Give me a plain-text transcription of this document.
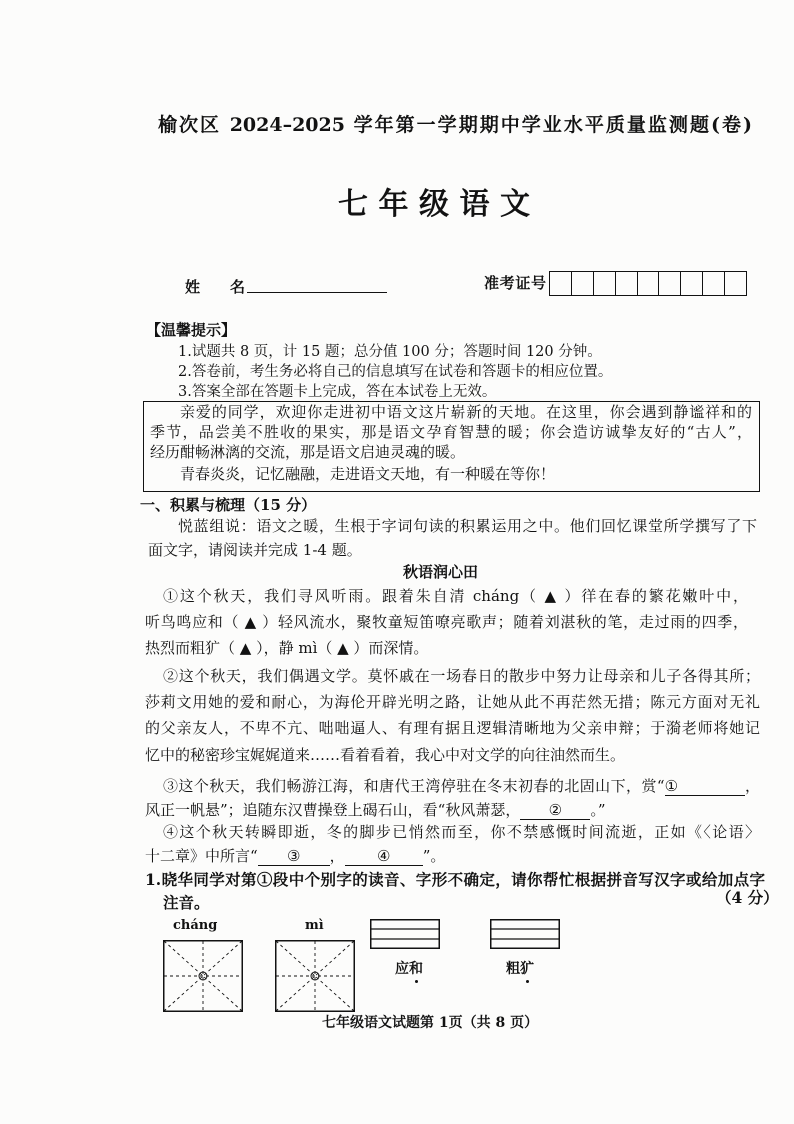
榆次区 2024–2025 学年第一学期期中学业水平质量监测题(卷)
七年级语文
姓　名	准考证号
【温馨提示】
1.试题共 8 页，计 15 题；总分值 100 分；答题时间 120 分钟。
2.答卷前，考生务必将自己的信息填写在试卷和答题卡的相应位置。
3.答案全部在答题卡上完成，答在本试卷上无效。
亲爱的同学，欢迎你走进初中语文这片崭新的天地。在这里，你会遇到静谧祥和的
季节，品尝美不胜收的果实，那是语文孕育智慧的暖；你会造访诚挚友好的“古人”，
经历酣畅淋漓的交流，那是语文启迪灵魂的暖。
青春炎炎，记忆融融，走进语文天地，有一种暖在等你！
一、积累与梳理（15 分）
悦蓝组说：语文之暖，生根于字词句读的积累运用之中。他们回忆课堂所学撰写了下
面文字，请阅读并完成 1-4 题。
秋语润心田
①这个秋天，我们寻风听雨。跟着朱自清 cháng（ ▲ ）徉在春的繁花嫩叶中，
听鸟鸣应和（ ▲ ）轻风流水，聚牧童短笛嘹亮歌声；随着刘湛秋的笔，走过雨的四季，
热烈而粗犷（ ▲ ），静 mì（ ▲ ）而深情。
②这个秋天，我们偶遇文学。莫怀戚在一场春日的散步中努力让母亲和儿子各得其所；
莎莉文用她的爱和耐心，为海伦开辟光明之路，让她从此不再茫然无措；陈元方面对无礼
的父亲友人，不卑不亢、咄咄逼人、有理有据且逻辑清晰地为父亲申辩；于漪老师将她记
忆中的秘密珍宝娓娓道来……看着看着，我心中对文学的向往油然而生。
③这个秋天，我们畅游江海，和唐代王湾停驻在冬末初春的北固山下，赏“①	，
风正一帆悬”；追随东汉曹操登上碣石山，看“秋风萧瑟， ② 。”
④这个秋天转瞬即逝，冬的脚步已悄然而至，你不禁感慨时间流逝，正如《〈论语〉
十二章》中所言“ ③ ， ④ ”。
1.晓华同学对第①段中个别字的读音、字形不确定，请你帮忙根据拼音写汉字或给加点字
注音。	（4 分）
cháng	mì
应和	粗犷
七年级语文试题第 1页（共 8 页）
